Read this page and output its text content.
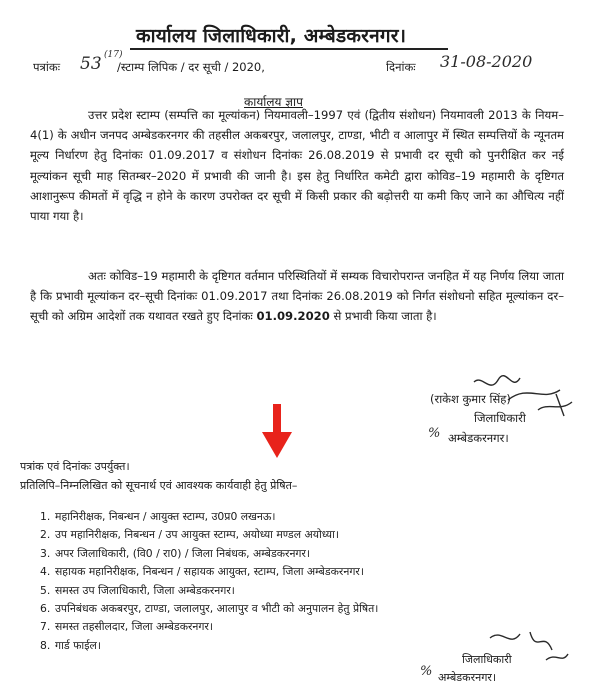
कार्यालय जिलाधिकारी, अम्बेडकरनगर।
पत्रांकः 53 (17)
/स्टाम्प लिपिक / दर सूची / 2020,	दिनांकः 31-08-2020
कार्यालय ज्ञाप

उत्तर प्रदेश स्टाम्प (सम्पत्ति का मूल्यांकन) नियमावली–1997 एवं (द्वितीय संशोधन) नियमावली 2013 के नियम–4(1) के अधीन जनपद अम्बेडकरनगर की तहसील अकबरपुर, जलालपुर, टाण्डा, भीटी व आलापुर में स्थित सम्पत्तियों के न्यूनतम मूल्य निर्धारण हेतु दिनांकः 01.09.2017 व संशोधन दिनांकः 26.08.2019 से प्रभावी दर सूची को पुनरीक्षित कर नई मूल्यांकन सूची माह सितम्बर–2020 में प्रभावी की जानी है। इस हेतु निर्धारित कमेटी द्वारा कोविड–19 महामारी के दृष्टिगत आशानुरूप कीमतों में वृद्धि न होने के कारण उपरोक्त दर सूची में किसी प्रकार की बढ़ोत्तरी या कमी किए जाने का औचित्य नहीं पाया गया है।

अतः कोविड–19 महामारी के दृष्टिगत वर्तमान परिस्थितियों में सम्यक विचारोपरान्त जनहित में यह निर्णय लिया जाता है कि प्रभावी मूल्यांकन दर–सूची दिनांकः 01.09.2017 तथा दिनांकः 26.08.2019 को निर्गत संशोधनो सहित मूल्यांकन दर–सूची को अग्रिम आदेशों तक यथावत रखते हुए दिनांकः 01.09.2020 से प्रभावी किया जाता है।

(राकेश कुमार सिंह)
जिलाधिकारी
% अम्बेडकरनगर।
पत्रांक एवं दिनांकः उपर्युक्त।
प्रतिलिपि–निम्नलिखित को सूचनार्थ एवं आवश्यक कार्यवाही हेतु प्रेषित–
1. महानिरीक्षक, निबन्धन / आयुक्त स्टाम्प, उ0प्र0 लखनऊ।
2. उप महानिरीक्षक, निबन्धन / उप आयुक्त स्टाम्प, अयोध्या मण्डल अयोध्या।
3. अपर जिलाधिकारी, (वि0 / रा0) / जिला निबंधक, अम्बेडकरनगर।
4. सहायक महानिरीक्षक, निबन्धन / सहायक आयुक्त, स्टाम्प, जिला अम्बेडकरनगर।
5. समस्त उप जिलाधिकारी, जिला अम्बेडकरनगर।
6. उपनिबंधक अकबरपुर, टाण्डा, जलालपुर, आलापुर व भीटी को अनुपालन हेतु प्रेषित।
7. समस्त तहसीलदार, जिला अम्बेडकरनगर।
8. गार्ड फाईल।
जिलाधिकारी
% अम्बेडकरनगर।
